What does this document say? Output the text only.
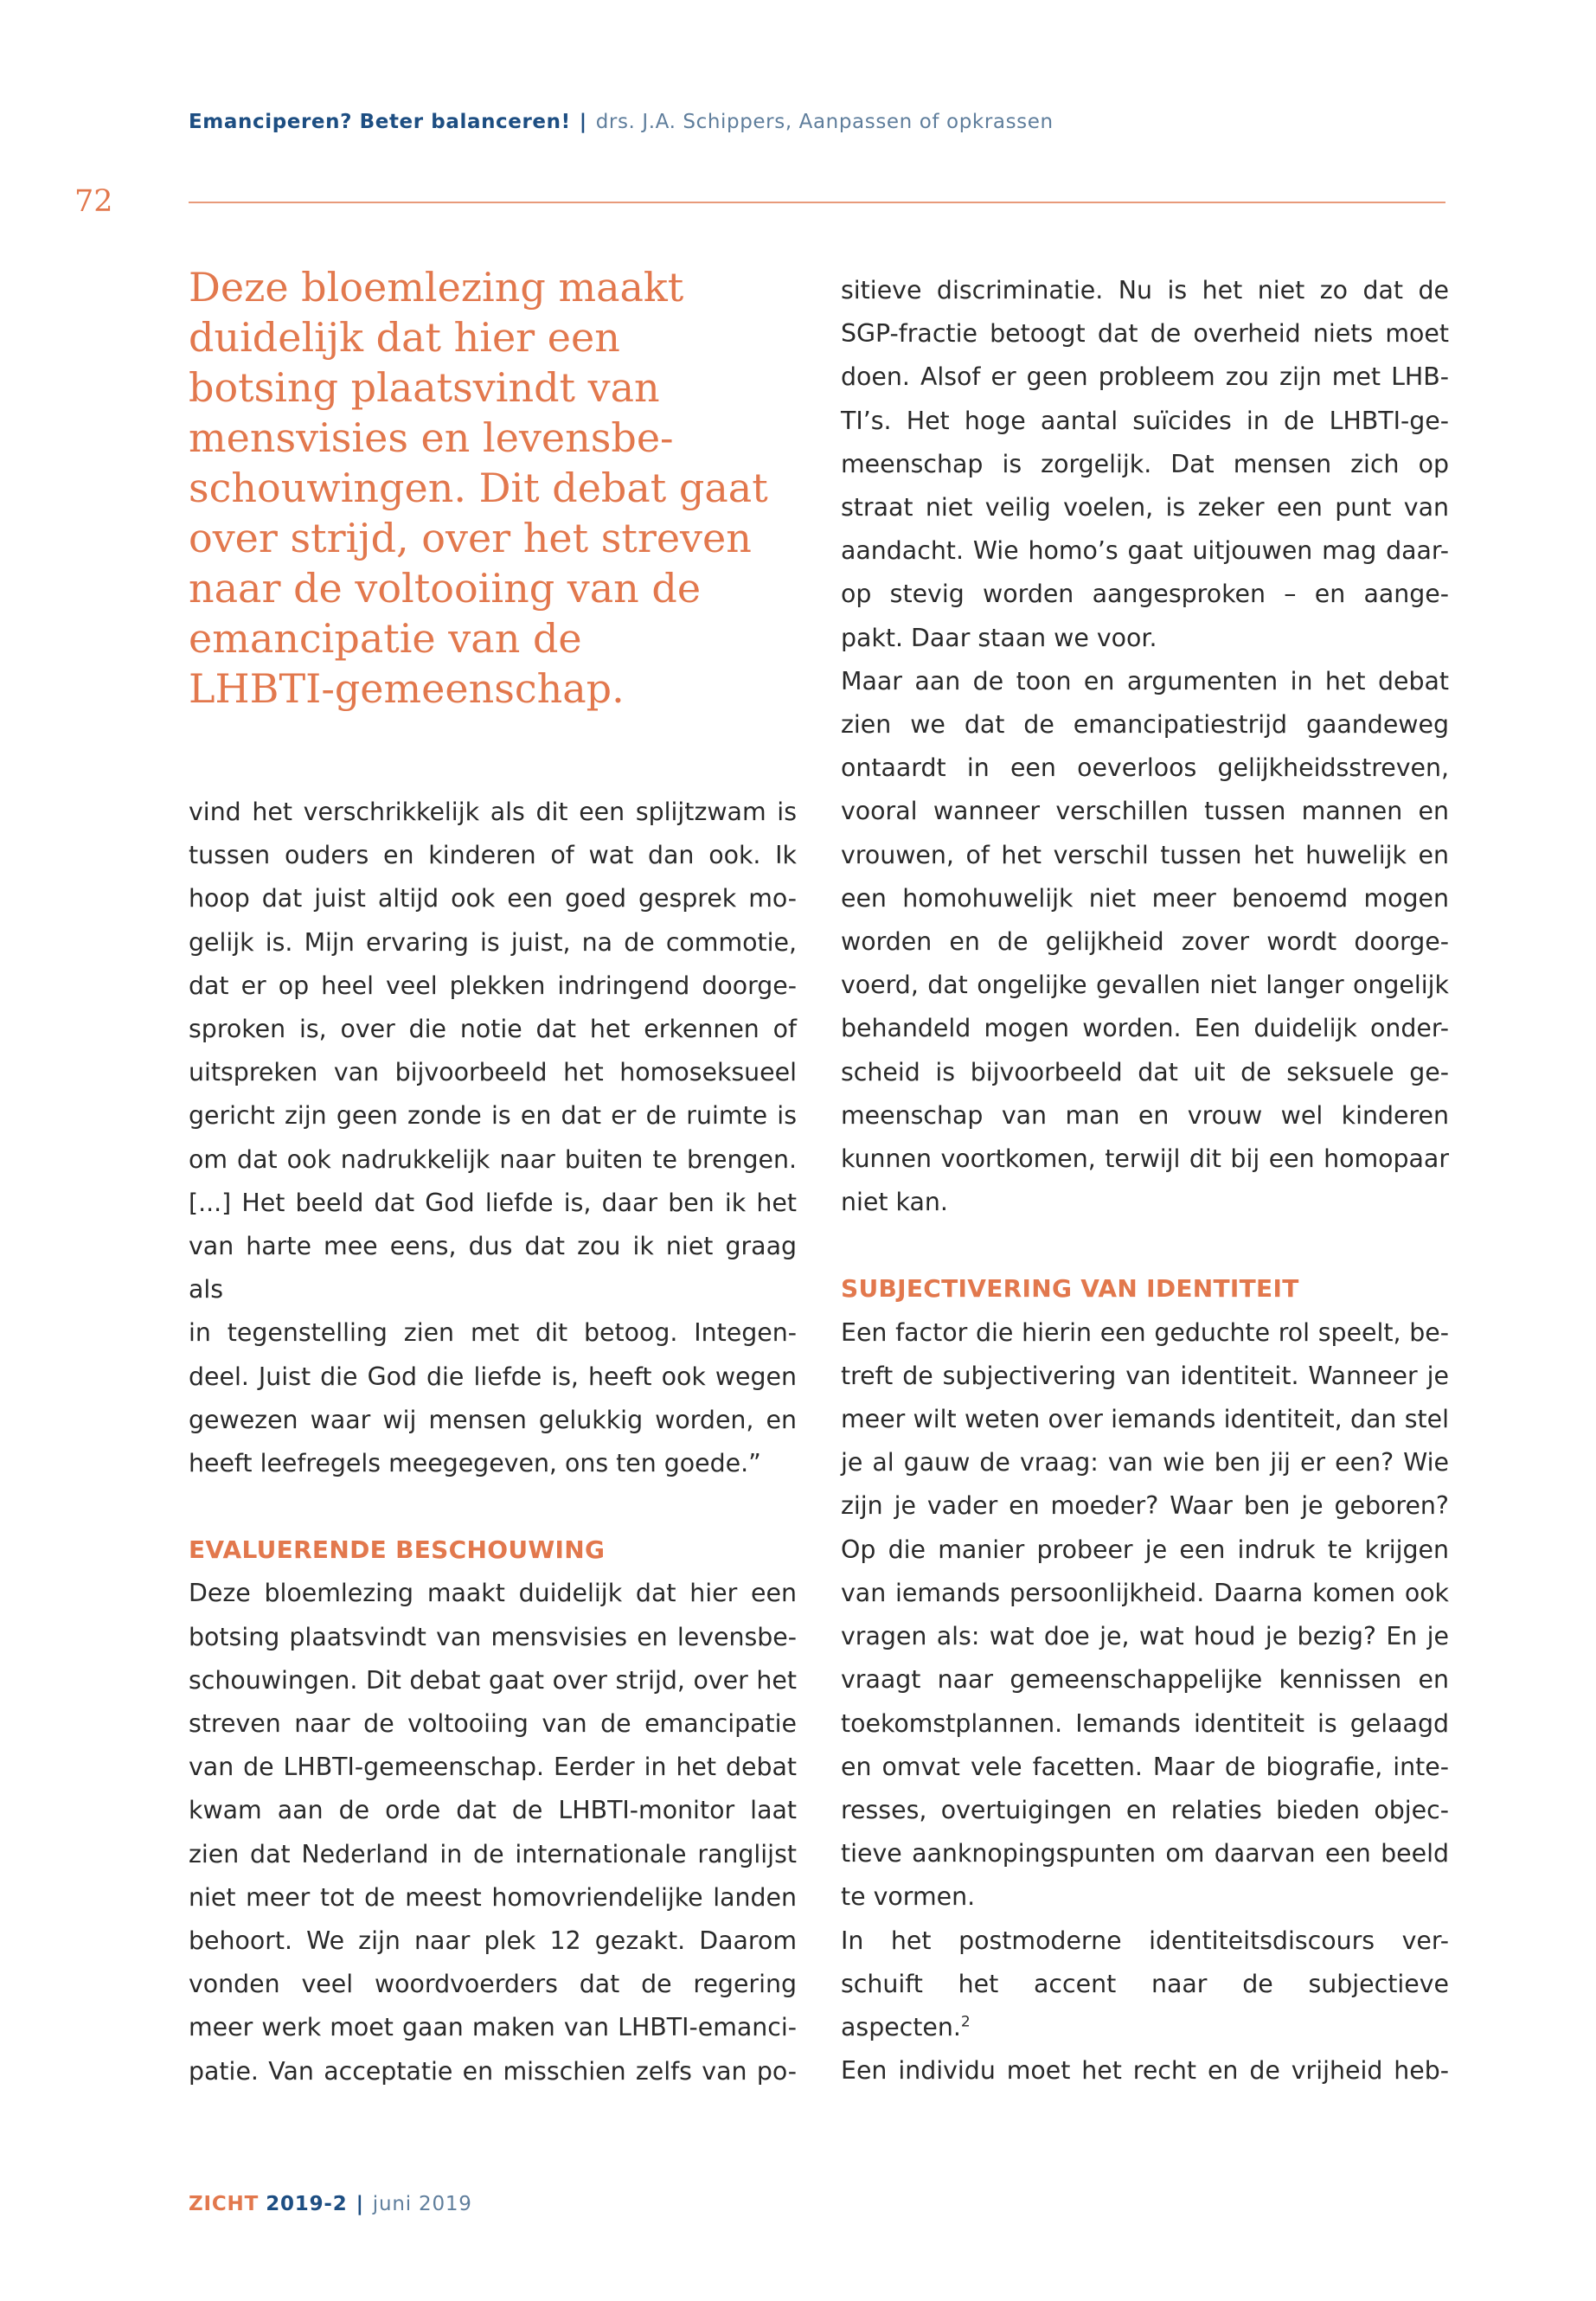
Emanciperen? Beter balanceren! | drs. J.A. Schippers, Aanpassen of opkrassen
72
Deze bloemlezing maakt
duidelijk dat hier een
botsing plaatsvindt van
mensvisies en levensbe-
schouwingen. Dit debat gaat
over strijd, over het streven
naar de voltooiing van de
emancipatie van de
LHBTI-gemeenschap.

vind het verschrikkelijk als dit een splijtzwam is

tussen ouders en kinderen of wat dan ook. Ik

hoop dat juist altijd ook een goed gesprek mo-

gelijk is. Mijn ervaring is juist, na de commotie,

dat er op heel veel plekken indringend doorge-

sproken is, over die notie dat het erkennen of

uitspreken van bijvoorbeeld het homoseksueel

gericht zijn geen zonde is en dat er de ruimte is

om dat ook nadrukkelijk naar buiten te brengen.

[...] Het beeld dat God liefde is, daar ben ik het

van harte mee eens, dus dat zou ik niet graag als

in tegenstelling zien met dit betoog. Integen-

deel. Juist die God die liefde is, heeft ook wegen

gewezen waar wij mensen gelukkig worden, en

heeft leefregels meegegeven, ons ten goede.”

EVALUERENDE BESCHOUWING

Deze bloemlezing maakt duidelijk dat hier een

botsing plaatsvindt van mensvisies en levensbe-

schouwingen. Dit debat gaat over strijd, over het

streven naar de voltooiing van de emancipatie

van de LHBTI-gemeenschap. Eerder in het debat

kwam aan de orde dat de LHBTI-monitor laat

zien dat Nederland in de internationale ranglijst

niet meer tot de meest homovriendelijke landen

behoort. We zijn naar plek 12 gezakt. Daarom

vonden veel woordvoerders dat de regering

meer werk moet gaan maken van LHBTI-emanci-

patie. Van acceptatie en misschien zelfs van po-

sitieve discriminatie. Nu is het niet zo dat de

SGP-fractie betoogt dat de overheid niets moet

doen. Alsof er geen probleem zou zijn met LHB-

TI’s. Het hoge aantal suïcides in de LHBTI-ge-

meenschap is zorgelijk. Dat mensen zich op

straat niet veilig voelen, is zeker een punt van

aandacht. Wie homo’s gaat uitjouwen mag daar-

op stevig worden aangesproken – en aange-

pakt. Daar staan we voor.

Maar aan de toon en argumenten in het debat

zien we dat de emancipatiestrijd gaandeweg

ontaardt in een oeverloos gelijkheidsstreven,

vooral wanneer verschillen tussen mannen en

vrouwen, of het verschil tussen het huwelijk en

een homohuwelijk niet meer benoemd mogen

worden en de gelijkheid zover wordt doorge-

voerd, dat ongelijke gevallen niet langer ongelijk

behandeld mogen worden. Een duidelijk onder-

scheid is bijvoorbeeld dat uit de seksuele ge-

meenschap van man en vrouw wel kinderen

kunnen voortkomen, terwijl dit bij een homopaar

niet kan.

SUBJECTIVERING VAN IDENTITEIT

Een factor die hierin een geduchte rol speelt, be-

treft de subjectivering van identiteit. Wanneer je

meer wilt weten over iemands identiteit, dan stel

je al gauw de vraag: van wie ben jij er een? Wie

zijn je vader en moeder? Waar ben je geboren?

Op die manier probeer je een indruk te krijgen

van iemands persoonlijkheid. Daarna komen ook

vragen als: wat doe je, wat houd je bezig? En je

vraagt naar gemeenschappelijke kennissen en

toekomstplannen. Iemands identiteit is gelaagd

en omvat vele facetten. Maar de biografie, inte-

resses, overtuigingen en relaties bieden objec-

tieve aanknopingspunten om daarvan een beeld

te vormen.

In het postmoderne identiteitsdiscours ver-

schuift het accent naar de subjectieve aspecten.$^2$

Een individu moet het recht en de vrijheid heb-

ZICHT 2019-2 | juni 2019
